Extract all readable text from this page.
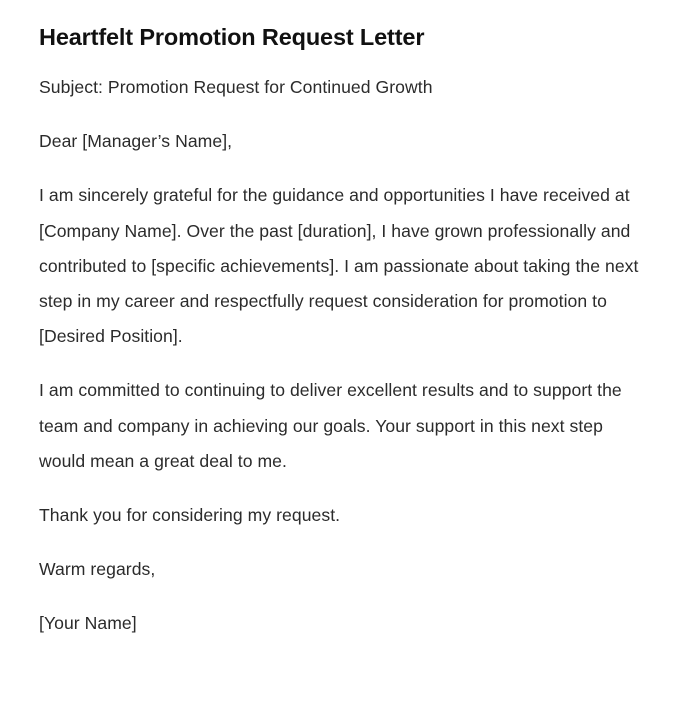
Heartfelt Promotion Request Letter

Subject: Promotion Request for Continued Growth

Dear [Manager’s Name],

I am sincerely grateful for the guidance and opportunities I have received at [Company Name]. Over the past [duration], I have grown professionally and contributed to [specific achievements]. I am passionate about taking the next step in my career and respectfully request consideration for promotion to [Desired Position].

I am committed to continuing to deliver excellent results and to support the team and company in achieving our goals. Your support in this next step would mean a great deal to me.

Thank you for considering my request.

Warm regards,

[Your Name]
